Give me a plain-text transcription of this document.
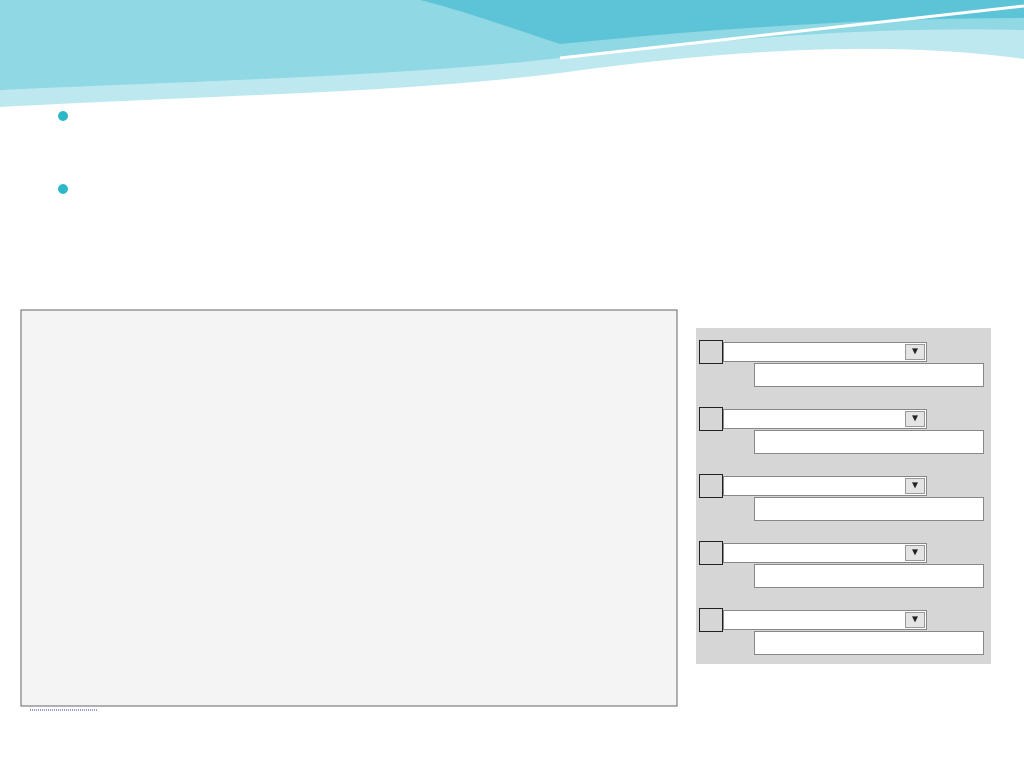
▼
▼
▼
▼
▼
